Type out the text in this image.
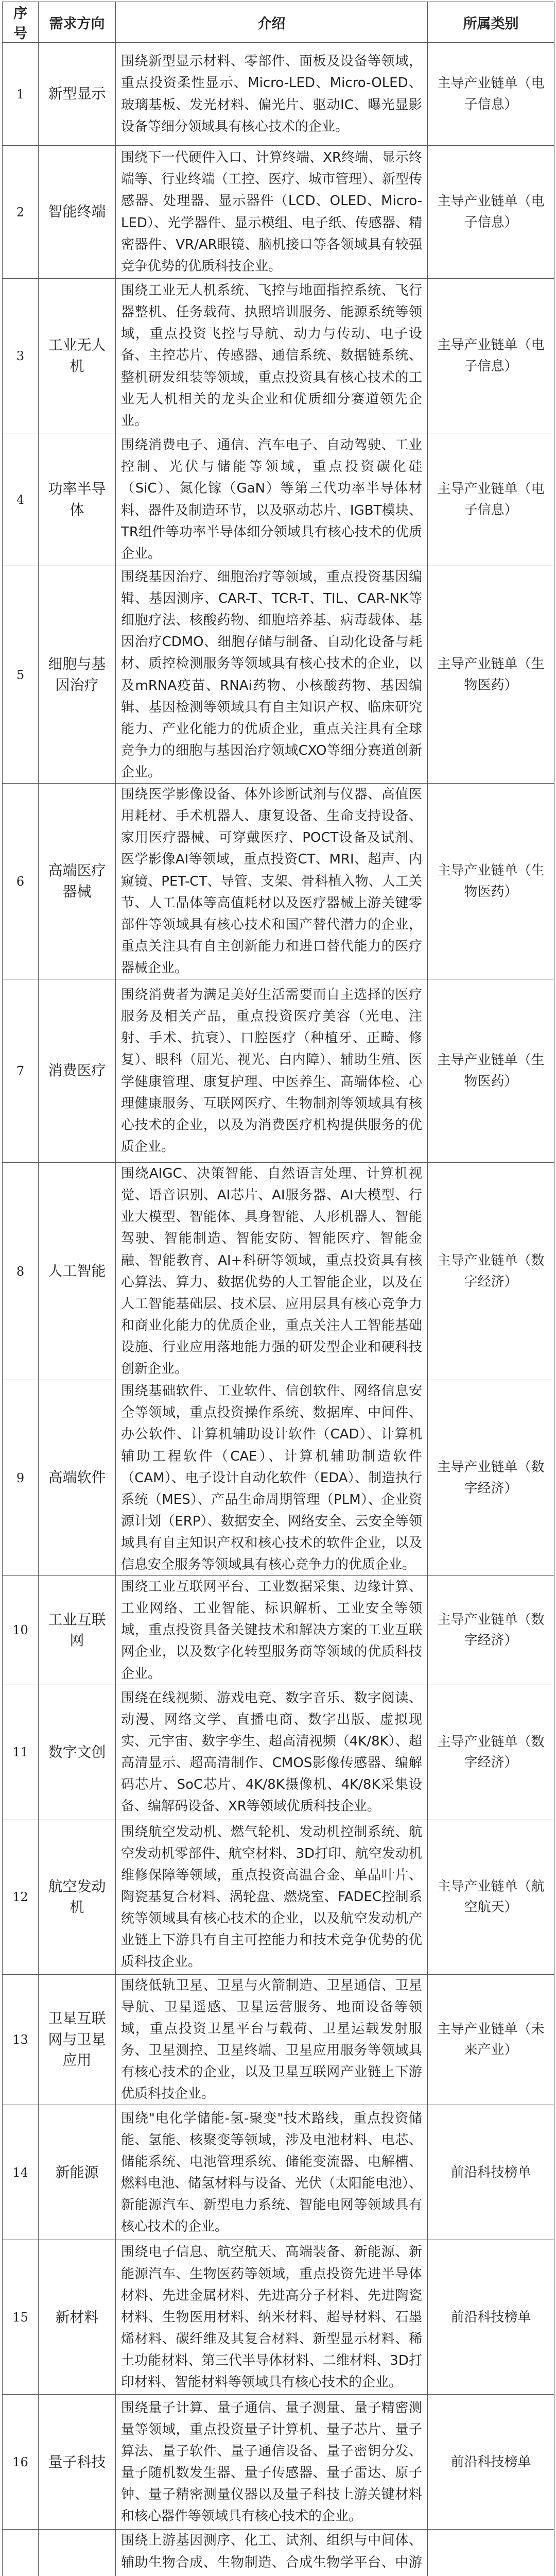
序号	需求方向	介绍	所属类别
1	新型显示	围绕新型显示材料、零部件、面板及设备等领域，重点投资柔性显示、Micro-LED、Micro-OLED、玻璃基板、发光材料、偏光片、驱动IC、曝光显影设备等细分领域具有核心技术的企业。	主导产业链单（电子信息）
2	智能终端	围绕下一代硬件入口、计算终端、XR终端、显示终端等、行业终端（工控、医疗、城市管理）、新型传感器、处理器、显示器件（LCD、OLED、Micro-LED）、光学器件、显示模组、电子纸、传感器、精密器件、VR/AR眼镜、脑机接口等各领域具有较强竞争优势的优质科技企业。	主导产业链单（电子信息）
3	工业无人机	围绕工业无人机系统、飞控与地面指控系统、飞行器整机、任务载荷、执照培训服务、能源系统等领域，重点投资飞控与导航、动力与传动、电子设备、主控芯片、传感器、通信系统、数据链系统、整机研发组装等领域，重点投资具有核心技术的工业无人机相关的龙头企业和优质细分赛道领先企业。	主导产业链单（电子信息）
4	功率半导体	围绕消费电子、通信、汽车电子、自动驾驶、工业控制、光伏与储能等领域，重点投资碳化硅（SiC）、氮化镓（GaN）等第三代功率半导体材料、器件及制造环节，以及驱动芯片、IGBT模块、TR组件等功率半导体细分领域具有核心技术的优质企业。	主导产业链单（电子信息）
5	细胞与基因治疗	围绕基因治疗、细胞治疗等领域，重点投资基因编辑、基因测序、CAR-T、TCR-T、TIL、CAR-NK等细胞疗法、核酸药物、细胞培养基、病毒载体、基因治疗CDMO、细胞存储与制备、自动化设备与耗材、质控检测服务等领域具有核心技术的企业，以及mRNA疫苗、RNAi药物、小核酸药物、基因编辑、基因检测等领域具有自主知识产权、临床研究能力、产业化能力的优质企业，重点关注具有全球竞争力的细胞与基因治疗领域CXO等细分赛道创新企业。	主导产业链单（生物医药）
6	高端医疗器械	围绕医学影像设备、体外诊断试剂与仪器、高值医用耗材、手术机器人、康复设备、生命支持设备、家用医疗器械、可穿戴医疗、POCT设备及试剂、医学影像AI等领域，重点投资CT、MRI、超声、内窥镜、PET-CT、导管、支架、骨科植入物、人工关节、人工晶体等高值耗材以及医疗器械上游关键零部件等领域具有核心技术和国产替代潜力的企业，重点关注具有自主创新能力和进口替代能力的医疗器械企业。	主导产业链单（生物医药）
7	消费医疗	围绕消费者为满足美好生活需要而自主选择的医疗服务及相关产品，重点投资医疗美容（光电、注射、手术、抗衰）、口腔医疗（种植牙、正畸、修复）、眼科（屈光、视光、白内障）、辅助生殖、医学健康管理、康复护理、中医养生、高端体检、心理健康服务、互联网医疗、生物制剂等领域具有核心技术的企业，以及为消费医疗机构提供服务的优质企业。	主导产业链单（生物医药）
8	人工智能	围绕AIGC、决策智能、自然语言处理、计算机视觉、语音识别、AI芯片、AI服务器、AI大模型、行业大模型、智能体、具身智能、人形机器人、智能驾驶、智能制造、智能安防、智能医疗、智能金融、智能教育、AI+科研等领域，重点投资具有核心算法、算力、数据优势的人工智能企业，以及在人工智能基础层、技术层、应用层具有核心竞争力和商业化能力的优质企业，重点关注人工智能基础设施、行业应用落地能力强的研发型企业和硬科技创新企业。	主导产业链单（数字经济）
9	高端软件	围绕基础软件、工业软件、信创软件、网络信息安全等领域，重点投资操作系统、数据库、中间件、办公软件、计算机辅助设计软件（CAD）、计算机辅助工程软件（CAE）、计算机辅助制造软件（CAM）、电子设计自动化软件（EDA）、制造执行系统（MES）、产品生命周期管理（PLM）、企业资源计划（ERP）、数据安全、网络安全、云安全等领域具有自主知识产权和核心技术的软件企业，以及信息安全服务等领域具有核心竞争力的优质企业。	主导产业链单（数字经济）
10	工业互联网	围绕工业互联网平台、工业数据采集、边缘计算、工业网络、工业智能、标识解析、工业安全等领域，重点投资具备关键技术和解决方案的工业互联网企业，以及数字化转型服务商等领域的优质科技企业。	主导产业链单（数字经济）
11	数字文创	围绕在线视频、游戏电竞、数字音乐、数字阅读、动漫、网络文学、直播电商、数字出版、虚拟现实、元宇宙、数字孪生、超高清视频（4K/8K）、超高清显示、超高清制作、CMOS影像传感器、编解码芯片、SoC芯片、4K/8K摄像机、4K/8K采集设备、编解码设备、XR等领域优质科技企业。	主导产业链单（数字经济）
12	航空发动机	围绕航空发动机、燃气轮机、发动机控制系统、航空发动机零部件、航空材料、3D打印、航空发动机维修保障等领域，重点投资高温合金、单晶叶片、陶瓷基复合材料、涡轮盘、燃烧室、FADEC控制系统等领域具有核心技术的企业，以及航空发动机产业链上下游具有自主可控能力和技术竞争优势的优质科技企业。	主导产业链单（航空航天）
13	卫星互联网与卫星应用	围绕低轨卫星、卫星与火箭制造、卫星通信、卫星导航、卫星遥感、卫星运营服务、地面设备等领域，重点投资卫星平台与载荷、卫星运载发射服务、卫星测控、卫星终端、卫星应用服务等领域具有核心技术的企业，以及卫星互联网产业链上下游优质科技企业。	主导产业链单（未来产业）
14	新能源	围绕"电化学储能-氢-聚变"技术路线，重点投资储能、氢能、核聚变等领域，涉及电池材料、电芯、储能系统、电池管理系统、储能变流器、电解槽、燃料电池、储氢材料与设备、光伏（太阳能电池）、新能源汽车、新型电力系统、智能电网等领域具有核心技术的企业。	前沿科技榜单
15	新材料	围绕电子信息、航空航天、高端装备、新能源、新能源汽车、生物医药等领域，重点投资先进半导体材料、先进金属材料、先进高分子材料、先进陶瓷材料、生物医用材料、纳米材料、超导材料、石墨烯材料、碳纤维及其复合材料、新型显示材料、稀土功能材料、第三代半导体材料、二维材料、3D打印材料、智能材料等领域具有核心技术的企业。	前沿科技榜单
16	量子科技	围绕量子计算、量子通信、量子测量、量子精密测量等领域，重点投资量子计算机、量子芯片、量子算法、量子软件、量子通信设备、量子密钥分发、量子随机数发生器、量子传感器、量子雷达、原子钟、量子精密测量仪器以及量子科技上游关键材料和核心器件等领域具有核心技术的企业。	前沿科技榜单
		围绕上游基因测序、化工、试剂、组织与中间体、辅助生物合成、生物制造、合成生物学平台、中游	
